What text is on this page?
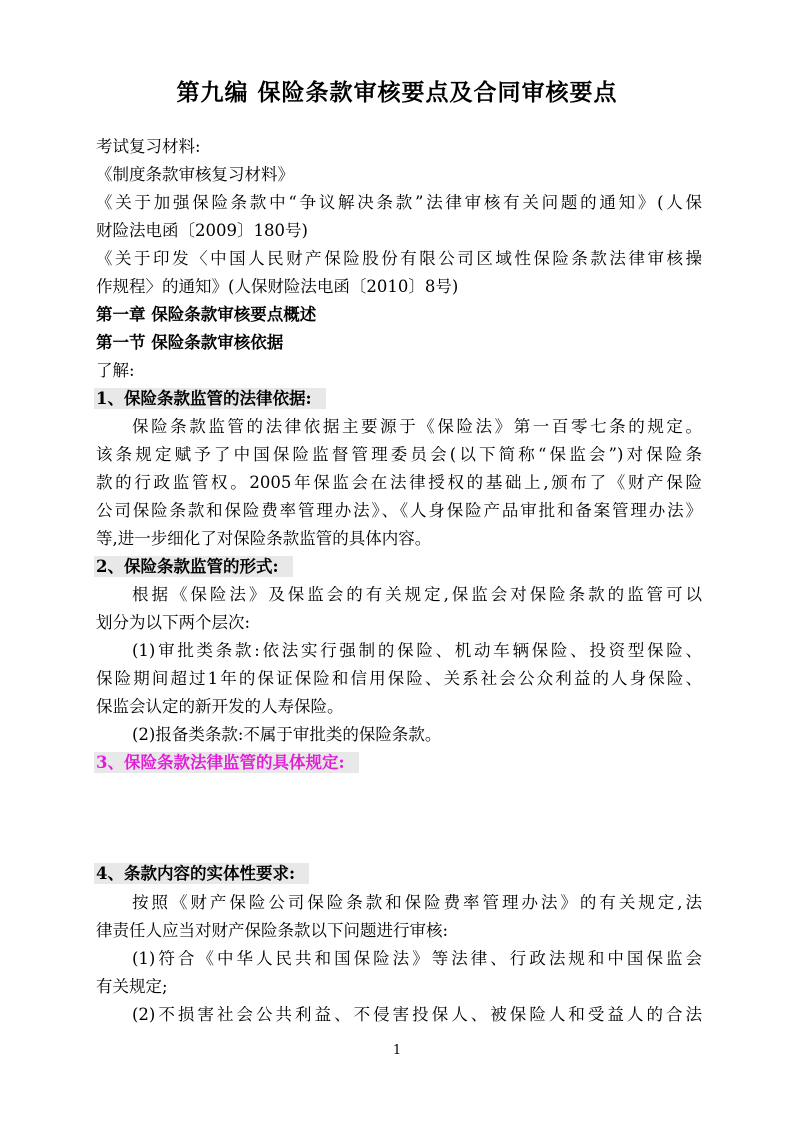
第九编 保险条款审核要点及合同审核要点
考试复习材料:
《制度条款审核复习材料》
《关于加强保险条款中“争议解决条款”法律审核有关问题的通知》(人保
财险法电函〔2009〕180号)
《关于印发〈中国人民财产保险股份有限公司区域性保险条款法律审核操
作规程〉的通知》(人保财险法电函〔2010〕8号)
第一章 保险条款审核要点概述
第一节 保险条款审核依据
了解:
1、保险条款监管的法律依据:
保险条款监管的法律依据主要源于《保险法》第一百零七条的规定。
该条规定赋予了中国保险监督管理委员会(以下简称“保监会”)对保险条
款的行政监管权。2005年保监会在法律授权的基础上,颁布了《财产保险
公司保险条款和保险费率管理办法》、《人身保险产品审批和备案管理办法》
等,进一步细化了对保险条款监管的具体内容。
2、保险条款监管的形式:
根据《保险法》及保监会的有关规定,保监会对保险条款的监管可以
划分为以下两个层次:
(1)审批类条款:依法实行强制的保险、机动车辆保险、投资型保险、
保险期间超过1年的保证保险和信用保险、关系社会公众利益的人身保险、
保监会认定的新开发的人寿保险。
(2)报备类条款:不属于审批类的保险条款。
3、保险条款法律监管的具体规定:
4、条款内容的实体性要求:
按照《财产保险公司保险条款和保险费率管理办法》的有关规定,法
律责任人应当对财产保险条款以下问题进行审核:
(1)符合《中华人民共和国保险法》等法律、行政法规和中国保监会
有关规定;
(2)不损害社会公共利益、不侵害投保人、被保险人和受益人的合法
1
